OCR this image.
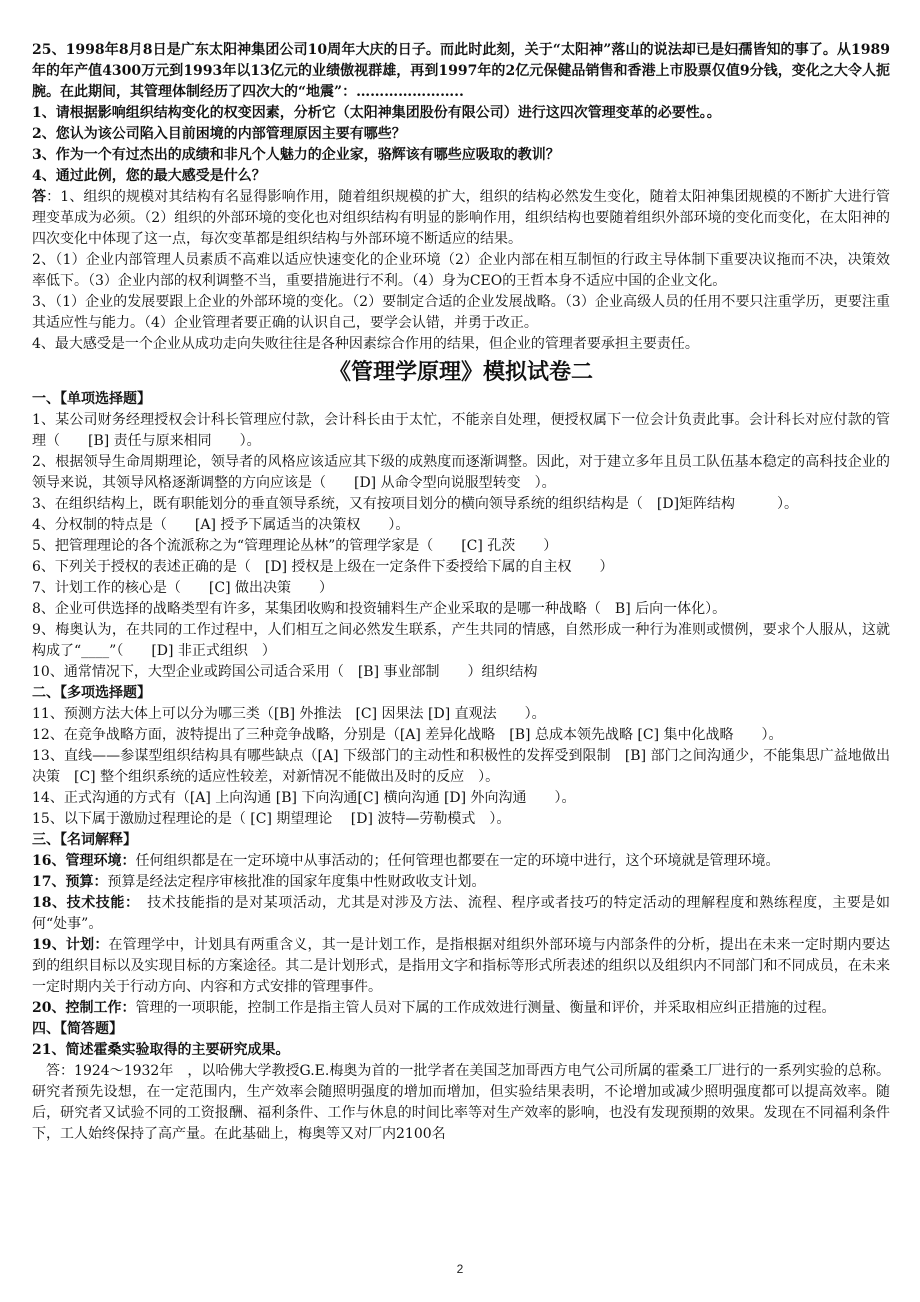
25、1998年8月8日是广东太阳神集团公司10周年大庆的日子。而此时此刻，关于“太阳神”落山的说法却已是妇孺皆知的事了。从1989年的年产值4300万元到1993年以13亿元的业绩傲视群雄，再到1997年的2亿元保健品销售和香港上市股票仅值9分钱，变化之大令人扼腕。在此期间，其管理体制经历了四次大的“地震”：…………………..

1、请根据影响组织结构变化的权变因素，分析它（太阳神集团股份有限公司）进行这四次管理变革的必要性。。

2、您认为该公司陷入目前困境的内部管理原因主要有哪些？

3、作为一个有过杰出的成绩和非凡个人魅力的企业家，骆辉该有哪些应吸取的教训？

4、通过此例，您的最大感受是什么？

答：1、组织的规模对其结构有名显得影响作用，随着组织规模的扩大，组织的结构必然发生变化，随着太阳神集团规模的不断扩大进行管理变革成为必须。（2）组织的外部环境的变化也对组织结构有明显的影响作用，组织结构也要随着组织外部环境的变化而变化，在太阳神的四次变化中体现了这一点，每次变革都是组织结构与外部环境不断适应的结果。

2、（1）企业内部管理人员素质不高难以适应快速变化的企业环境（2）企业内部在相互制恒的行政主导体制下重要决议拖而不决，决策效率低下。（3）企业内部的权利调整不当，重要措施进行不利。（4）身为CEO的王哲本身不适应中国的企业文化。

3、（1）企业的发展要跟上企业的外部环境的变化。（2）要制定合适的企业发展战略。（3）企业高级人员的任用不要只注重学历，更要注重其适应性与能力。（4）企业管理者要正确的认识自己，要学会认错，并勇于改正。

4、最大感受是一个企业从成功走向失败往往是各种因素综合作用的结果，但企业的管理者要承担主要责任。

《管理学原理》模拟试卷二

一、【单项选择题】

1、某公司财务经理授权会计科长管理应付款，会计科长由于太忙，不能亲自处理，便授权属下一位会计负责此事。会计科长对应付款的管理（　　[B] 责任与原来相同　　）。

2、根据领导生命周期理论，领导者的风格应该适应其下级的成熟度而逐渐调整。因此，对于建立多年且员工队伍基本稳定的高科技企业的领导来说，其领导风格逐渐调整的方向应该是（　　[D] 从命令型向说服型转变　）。

3、在组织结构上，既有职能划分的垂直领导系统，又有按项目划分的横向领导系统的组织结构是（　[D]矩阵结构　　　）。

4、分权制的特点是（　　[A] 授予下属适当的决策权　　）。

5、把管理理论的各个流派称之为“管理理论丛林”的管理学家是（　　[C] 孔茨　　）

6、下列关于授权的表述正确的是（　[D] 授权是上级在一定条件下委授给下属的自主权　　）

7、计划工作的核心是（　　[C] 做出决策　　）

8、企业可供选择的战略类型有许多，某集团收购和投资辅料生产企业采取的是哪一种战略（　B] 后向一体化）。

9、梅奥认为，在共同的工作过程中，人们相互之间必然发生联系，产生共同的情感，自然形成一种行为准则或惯例，要求个人服从，这就构成了“____”（　　[D] 非正式组织　）

10、通常情况下，大型企业或跨国公司适合采用（　[B] 事业部制　　）组织结构

二、【多项选择题】

11、预测方法大体上可以分为哪三类（[B] 外推法　[C] 因果法 [D] 直观法　　）。

12、在竞争战略方面，波特提出了三种竞争战略，分别是（[A] 差异化战略　[B] 总成本领先战略 [C] 集中化战略　　）。

13、直线——参谋型组织结构具有哪些缺点（[A] 下级部门的主动性和积极性的发挥受到限制　[B] 部门之间沟通少，不能集思广益地做出决策　[C] 整个组织系统的适应性较差，对新情况不能做出及时的反应　）。

14、正式沟通的方式有（[A] 上向沟通 [B] 下向沟通[C] 横向沟通 [D] 外向沟通　　）。

15、以下属于激励过程理论的是（ [C] 期望理论　 [D] 波特—劳勒模式　）。

三、【名词解释】

16、管理环境：任何组织都是在一定环境中从事活动的；任何管理也都要在一定的环境中进行，这个环境就是管理环境。

17、预算：预算是经法定程序审核批准的国家年度集中性财政收支计划。

18、技术技能：　技术技能指的是对某项活动，尤其是对涉及方法、流程、程序或者技巧的特定活动的理解程度和熟练程度，主要是如何“处事”。

19、计划：在管理学中，计划具有两重含义，其一是计划工作，是指根据对组织外部环境与内部条件的分析，提出在未来一定时期内要达到的组织目标以及实现目标的方案途径。其二是计划形式，是指用文字和指标等形式所表述的组织以及组织内不同部门和不同成员，在未来一定时期内关于行动方向、内容和方式安排的管理事件。

20、控制工作：管理的一项职能，控制工作是指主管人员对下属的工作成效进行测量、衡量和评价，并采取相应纠正措施的过程。

四、【简答题】

21、简述霍桑实验取得的主要研究成果。

答：1924～1932年　，以哈佛大学教授G.E.梅奥为首的一批学者在美国芝加哥西方电气公司所属的霍桑工厂进行的一系列实验的总称。研究者预先设想，在一定范围内，生产效率会随照明强度的增加而增加，但实验结果表明，不论增加或减少照明强度都可以提高效率。随后，研究者又试验不同的工资报酬、福利条件、工作与休息的时间比率等对生产效率的影响，也没有发现预期的效果。发现在不同福利条件下，工人始终保持了高产量。在此基础上，梅奥等又对厂内2100名

2
